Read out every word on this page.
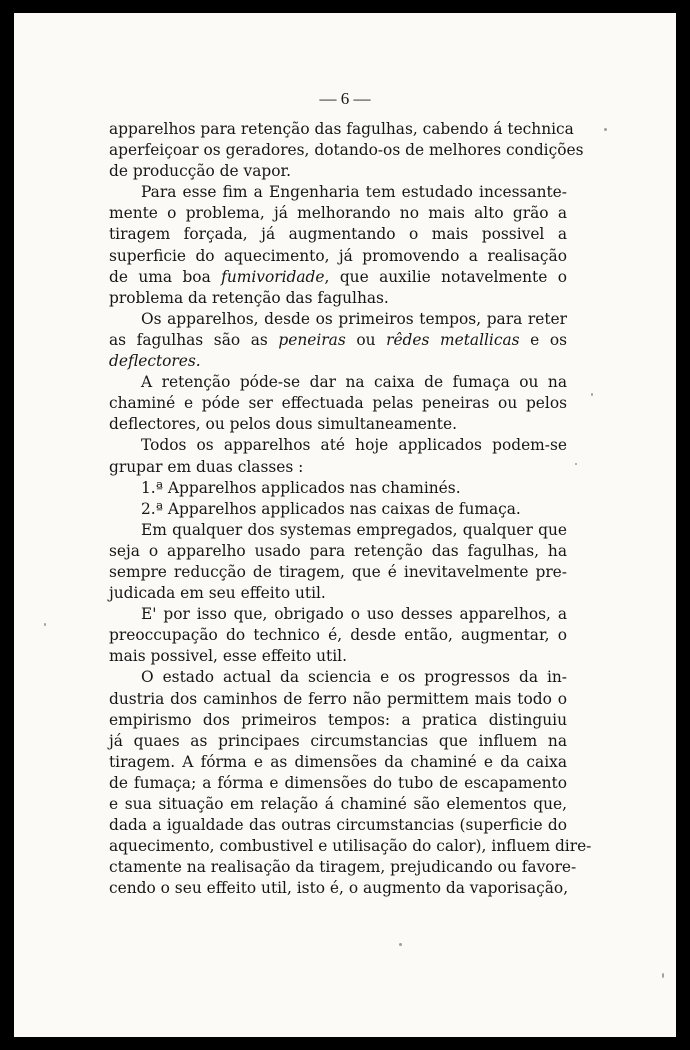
— 6 —
apparelhos para retenção das fagulhas, cabendo á technica
aperfeiçoar os geradores, dotando-os de melhores condições
de producção de vapor.
Para esse fim a Engenharia tem estudado incessante-
mente o problema, já melhorando no mais alto grão a
tiragem forçada, já augmentando o mais possivel a
superficie do aquecimento, já promovendo a realisação
de uma boa fumivoridade, que auxilie notavelmente o
problema da retenção das fagulhas.
Os apparelhos, desde os primeiros tempos, para reter
as fagulhas são as peneiras ou rêdes metallicas e os
deflectores.
A retenção póde-se dar na caixa de fumaça ou na
chaminé e póde ser effectuada pelas peneiras ou pelos
deflectores, ou pelos dous simultaneamente.
Todos os apparelhos até hoje applicados podem-se
grupar em duas classes :
1.ª Apparelhos applicados nas chaminés.
2.ª Apparelhos applicados nas caixas de fumaça.
Em qualquer dos systemas empregados, qualquer que
seja o apparelho usado para retenção das fagulhas, ha
sempre reducção de tiragem, que é inevitavelmente pre-
judicada em seu effeito util.
E' por isso que, obrigado o uso desses apparelhos, a
preoccupação do technico é, desde então, augmentar, o
mais possivel, esse effeito util.
O estado actual da sciencia e os progressos da in-
dustria dos caminhos de ferro não permittem mais todo o
empirismo dos primeiros tempos: a pratica distinguiu
já quaes as principaes circumstancias que influem na
tiragem. A fórma e as dimensões da chaminé e da caixa
de fumaça; a fórma e dimensões do tubo de escapamento
e sua situação em relação á chaminé são elementos que,
dada a igualdade das outras circumstancias (superficie do
aquecimento, combustivel e utilisação do calor), influem dire-
ctamente na realisação da tiragem, prejudicando ou favore-
cendo o seu effeito util, isto é, o augmento da vaporisação,
